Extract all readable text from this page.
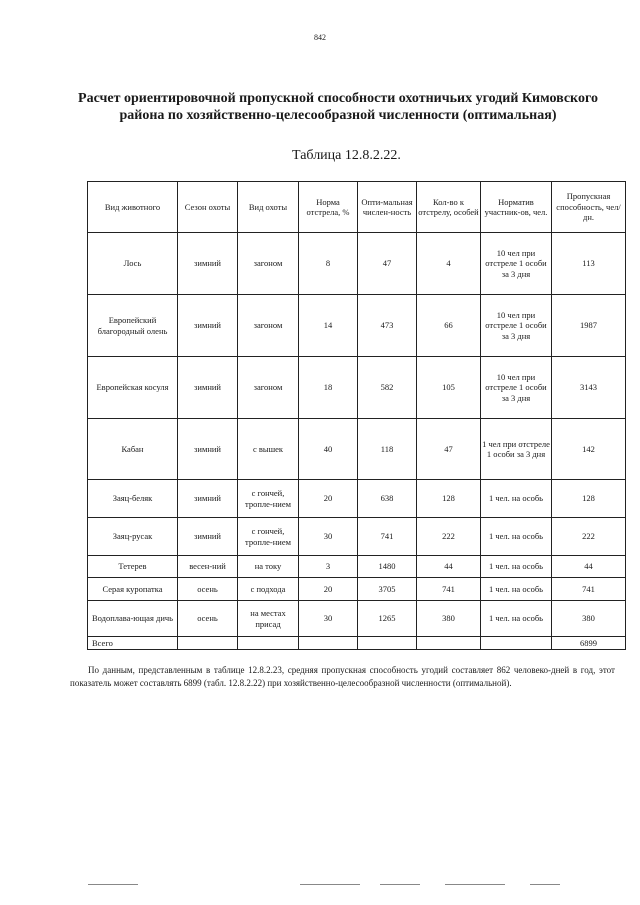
842
Расчет ориентировочной пропускной способности охотничьих угодий Кимовского района по хозяйственно-целесообразной численности (оптимальная)
Таблица 12.8.2.22.
Вид животного	Сезон охоты	Вид охоты	Норма отстрела, %	Опти-мальная числен-ность	Кол-во к отстрелу, особей	Норматив участник-ов, чел.	Пропускная способность, чел/дн.
Лось	зимний	загоном	8	47	4	10 чел при отстреле 1 особи за 3 дня	113
Европейский благородный олень	зимний	загоном	14	473	66	10 чел при отстреле 1 особи за 3 дня	1987
Европейская косуля	зимний	загоном	18	582	105	10 чел при отстреле 1 особи за 3 дня	3143
Кабан	зимний	с вышек	40	118	47	1 чел при отстреле 1 особи за 3 дня	142
Заяц-беляк	зимний	с гончей, тропле-нием	20	638	128	1 чел. на особь	128
Заяц-русак	зимний	с гончей, тропле-нием	30	741	222	1 чел. на особь	222
Тетерев	весен-ний	на току	3	1480	44	1 чел. на особь	44
Серая куропатка	осень	с подхода	20	3705	741	1 чел. на особь	741
Водоплава-ющая дичь	осень	на местах присад	30	1265	380	1 чел. на особь	380
Всего							6899
По данным, представленным в таблице 12.8.2.23, средняя пропускная способность угодий составляет 862 человеко-дней в год, этот показатель может составлять 6899 (табл. 12.8.2.22) при хозяйственно-целесообразной численности (оптимальной).
